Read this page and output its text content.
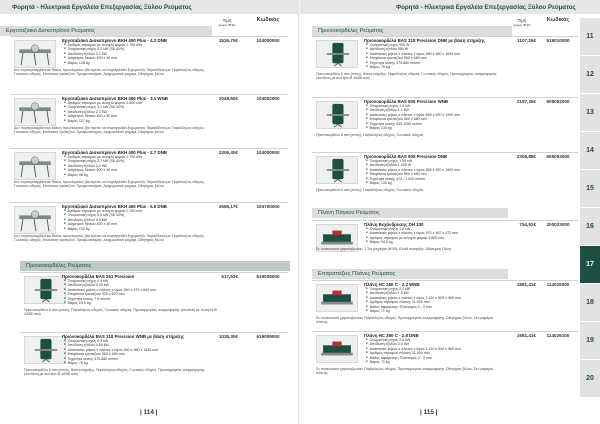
Φορητά - Ηλεκτρικά Εργαλεία Επεξεργασίας Ξύλου Ρεύματος
Τιμή
(χωρίς ΦΠΑ)
Κωδικός
Εργοταξιακό Δισκοπρίονο Ρεύματος
Εργοταξιακό Δισκοπρίονο BKH 450 Plus - 4.2 DNB
■ Αριθμός στροφών με ανοιχτό φορτίο 2.750 min
■ Ονομαστική ισχύς 4.2 kW (S6 40%)
■ Απόδοση εξόδου 3.2 kW
■ Διάμετρος δίσκου 450 x 30 mm
■ Βάρος 128 kg
1526,70€	104000000
Δεν συμπεριλαμβάνεται δίσκος πριονίσματος (θα πρέπει να παραγγελθεί ξεχωριστά). Παραδίδεται με: Παράλληλος οδηγός, Γωνιακός οδηγός, Επέκταση τραπεζιού, Προφυλακτήρας, Διαχωριστικό μαχαίρι, Ωθητήρας ξύλου
Εργοταξιακό Δισκοπρίονο BKH 450 Plus - 3.1 WNB
■ Αριθμός στροφών με ανοιχτό φορτίο 2.800 min
■ Ονομαστική ισχύς 3.1 kW (S6 40%)
■ Απόδοση εξόδου 2.3 kW
■ Διάμετρος δίσκου 450 x 30 mm
■ Βάρος 127 kg
2049,50€	104002000
Δεν συμπεριλαμβάνεται δίσκος πριονίσματος (θα πρέπει να παραγγελθεί ξεχωριστά). Παραδίδεται με: Παράλληλος οδηγός, Γωνιακός οδηγός, Επέκταση τραπεζιού, Προφυλακτήρας, Διαχωριστικό μαχαίρι, Ωθητήρας ξύλου
Εργοταξιακό Δισκοπρίονο BKH 400 Plus - 2.7 DNB
■ Αριθμός στροφών με ανοιχτό φορτίο 2.750 min
■ Ονομαστική ισχύς 2.7 kW (S6 40%)
■ Απόδοση εξόδου 2.0 kW
■ Διάμετρος δίσκου 400 x 30 mm
■ Βάρος 98 kg
2306,40€	104000000
Δεν συμπεριλαμβάνεται δίσκος πριονίσματος (θα πρέπει να παραγγελθεί ξεχωριστά). Παραδίδεται με: Παράλληλος οδηγός, Γωνιακός οδηγός, Επέκταση τραπεζιού, Προφυλακτήρας, Διαχωριστικό μαχαίρι, Ωθητήρας ξύλου
Εργοταξιακό Δισκοπρίονο BKH 450 Plus - 5.5 DNB
■ Αριθμός στροφών με ανοιχτό φορτίο 2.750 min
■ Ονομαστική ισχύς 5.5 kW (S6 40%)
■ Απόδοση εξόδου 4.0 kW
■ Διάμετρος δίσκου 450 x 30 mm
■ Βάρος 132 kg
2665,17€	104700000
Δεν συμπεριλαμβάνεται δίσκος πριονίσματος (θα πρέπει να παραγγελθεί ξεχωριστά). Παραδίδεται με: Παράλληλος οδηγός, Γωνιακός οδηγός, Επέκταση τραπεζιού, Προφυλακτήρας, Διαχωριστικό μαχαίρι, Ωθητήρας ξύλου
Πριονοκορδέλες Ρεύματος
Πριονοκορδέλα BAS 261 Precision
■ Ονομαστική ισχύς 0.4 kW
■ Απόδοση εξόδου 0.25 kW
■ Διαστάσεις μήκος x πλάτος x ύψος 550 x 470 x 840 mm
■ Επιφάνεια τραπεζιού 320 x 520 mm
■ Ταχύτητα κοπής 7.5 m/min
■ Βάρος 23.5 kg
517,63€	619008000
Πριονοκορδέλα 6 mm (εντός), Παράλληλος οδηγός, Γωνιακός οδηγός, Προσαρμογέας αναρρόφησης (σύνδεση με σωλήνα Ø 44/58 mm)
Πριονοκορδέλα BAS 318 Precision WNB με βάση στήριξης
■ Ονομαστική ισχύς 0.9 kW
■ Απόδοση εξόδου 0.55 kW
■ Διαστάσεις μήκος x πλάτος x ύψος 690 x 960 x 1630 mm
■ Επιφάνεια τραπεζιού 560 x 480 mm
■ Ταχύτητα κοπής 370-880 m/min
■ Βάρος 78 kg
1035,30€	619009000
Πριονοκορδέλα 6 mm (εντός), Βάση στήριξης, Παράλληλος οδηγός, Γωνιακός οδηγός, Προσαρμογέας αναρρόφησης (σύνδεση με σωλήνα Ø 44/58 mm)
| 114 |
Φορητά - Ηλεκτρικά Εργαλεία Επεξεργασίας Ξύλου Ρεύματος
Τιμή
(χωρίς ΦΠΑ)
Κωδικός
Πριονοκορδέλες Ρεύματος
Πριονοκορδέλα BAS 318 Precision DNB με βάση στήριξης
■ Ονομαστική ισχύς 900 W
■ Απόδοση εξόδου 550 W
■ Διαστάσεις μήκος x πλάτος x ύψος 690 x 960 x 1630 mm
■ Επιφάνεια τραπεζιού 560 x 480 mm
■ Ταχύτητα κοπής 370-880 m/min
■ Βάρος 78 kg
1107,26€	619010000
Πριονοκορδέλα 6 mm (εντός), Βάση στήριξης, Παράλληλος οδηγός, Γωνιακός οδηγός, Προσαρμογέας αναρρόφησης (σύνδεση με σωλήνα Ø 44/58 mm)
Πριονοκορδέλα BAS 505 Precision WNB
■ Ονομαστική ισχύς 1.5 kW
■ Απόδοση εξόδου 1.1 kW
■ Διαστάσεις μήκος x πλάτος x ύψος 855 x 920 x 1900 mm
■ Επιφάνεια τραπεζιού 500 x 680 mm
■ Ταχύτητα κοπής 435-1050 m/min
■ Βάρος 139 kg
2197,35€	605052000
Πριονοκορδέλα 6 mm (εντός), Παράλληλος οδηγός, Γωνιακός οδηγός
Πριονοκορδέλα BAS 505 Precision DNB
■ Ονομαστική ισχύς 1.55 kW
■ Απόδοση εξόδου 1.005 W
■ Διαστάσεις μήκος x πλάτος x ύψος 855 x 920 x 1900 mm
■ Επιφάνεια τραπεζιού 500 x 680 mm
■ Ταχύτητα κοπής 472 / 1 020 m/min
■ Βάρος 139 kg
2306,88€	605053000
Πριονοκορδέλα 6 mm (εντός), Παράλληλος οδηγός, Γωνιακός οδηγός
Πλάνη Πάγκου Ρεύματος
Πλάνη Εκχόνδρυσης DH 330
■ Ονομαστική ισχύς 1.8 kW
■ Διαστάσεις μήκος x πλάτος x ύψος 570 x 467 x 472 mm
■ Αριθμός στροφών με ανοιχτό φορτίο 9.800 min
■ Βάρος 34.5 kg
754,92€	200033000
Σε συσκευασία χαρτοκιβωτίου: 1 Σετ μαχαίρια (HSS), Κλειδί σύσφιξης, Ωθητήρας ξύλου
Επιτραπέζιες Πλάνες Ρεύματος
Πλάνη HC 260 C - 2.2 WNB
■ Ονομαστική ισχύς 2.2 kW
■ Απόδοση εξόδου 1.5 kW
■ Διαστάσεις μήκος x πλάτος x ύψος 1.110 x 520 x 960 mm
■ Αριθμός στροφών πλάνης 11.000 min
■ Βάθος αφαίρεσης: Πλανισμός 0 - 3 mm
■ Βάρος 71 kg
1681,41€	114026000
Σε συσκευασία χαρτοκιβωτίου: Παράλληλος οδηγός, Προσαρμογέας αναρρόφησης, Ωθητήρας ξύλου, Σετ μαχαίρια πλάνης
Πλάνη HC 260 C - 2.8 DNB
■ Ονομαστική ισχύς 2.8 kW
■ Απόδοση εξόδου 2.0 kW
■ Διαστάσεις μήκος x πλάτος x ύψος 1.110 x 520 x 960 mm
■ Αριθμός στροφών πλάνης 11.000 min
■ Βάθος αφαίρεσης: Πλανισμός 0 - 3 mm
■ Βάρος 71 kg
1681,41€	114026100
Σε συσκευασία χαρτοκιβωτίου: Παράλληλος οδηγός, Προσαρμογέας αναρρόφησης, Ωθητήρας ξύλου, Σετ μαχαίρια πλάνης
11
12
13
14
15
16
17
18
19
20
| 115 |
